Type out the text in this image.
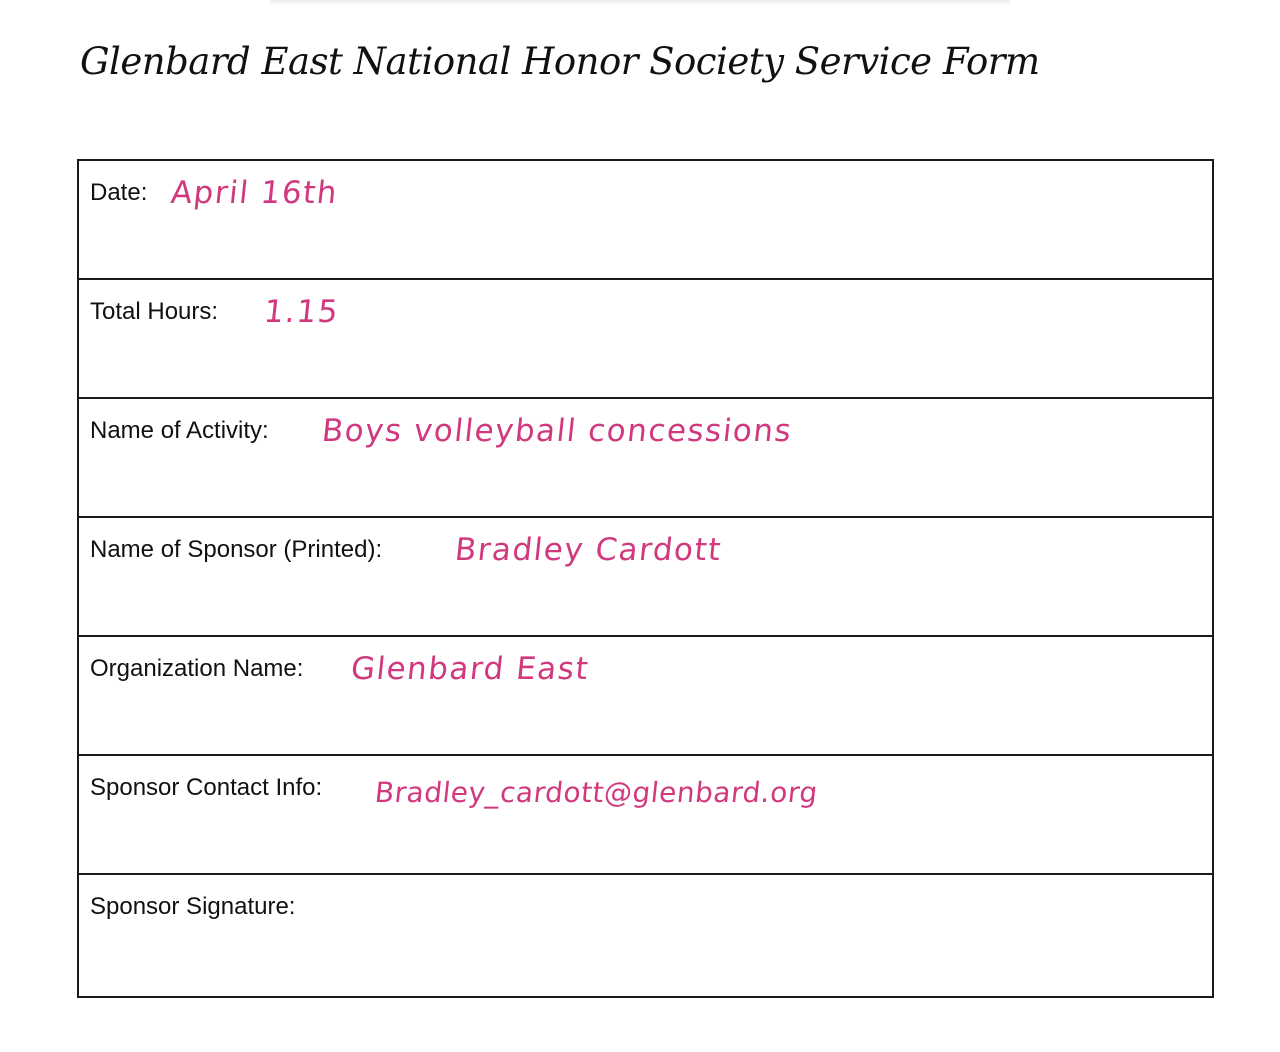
Glenbard East National Honor Society Service Form
Date: April 16th
Total Hours: 1.15
Name of Activity: Boys volleyball concessions
Name of Sponsor (Printed): Bradley Cardott
Organization Name: Glenbard East
Sponsor Contact Info: Bradley_cardott@glenbard.org
Sponsor Signature:
